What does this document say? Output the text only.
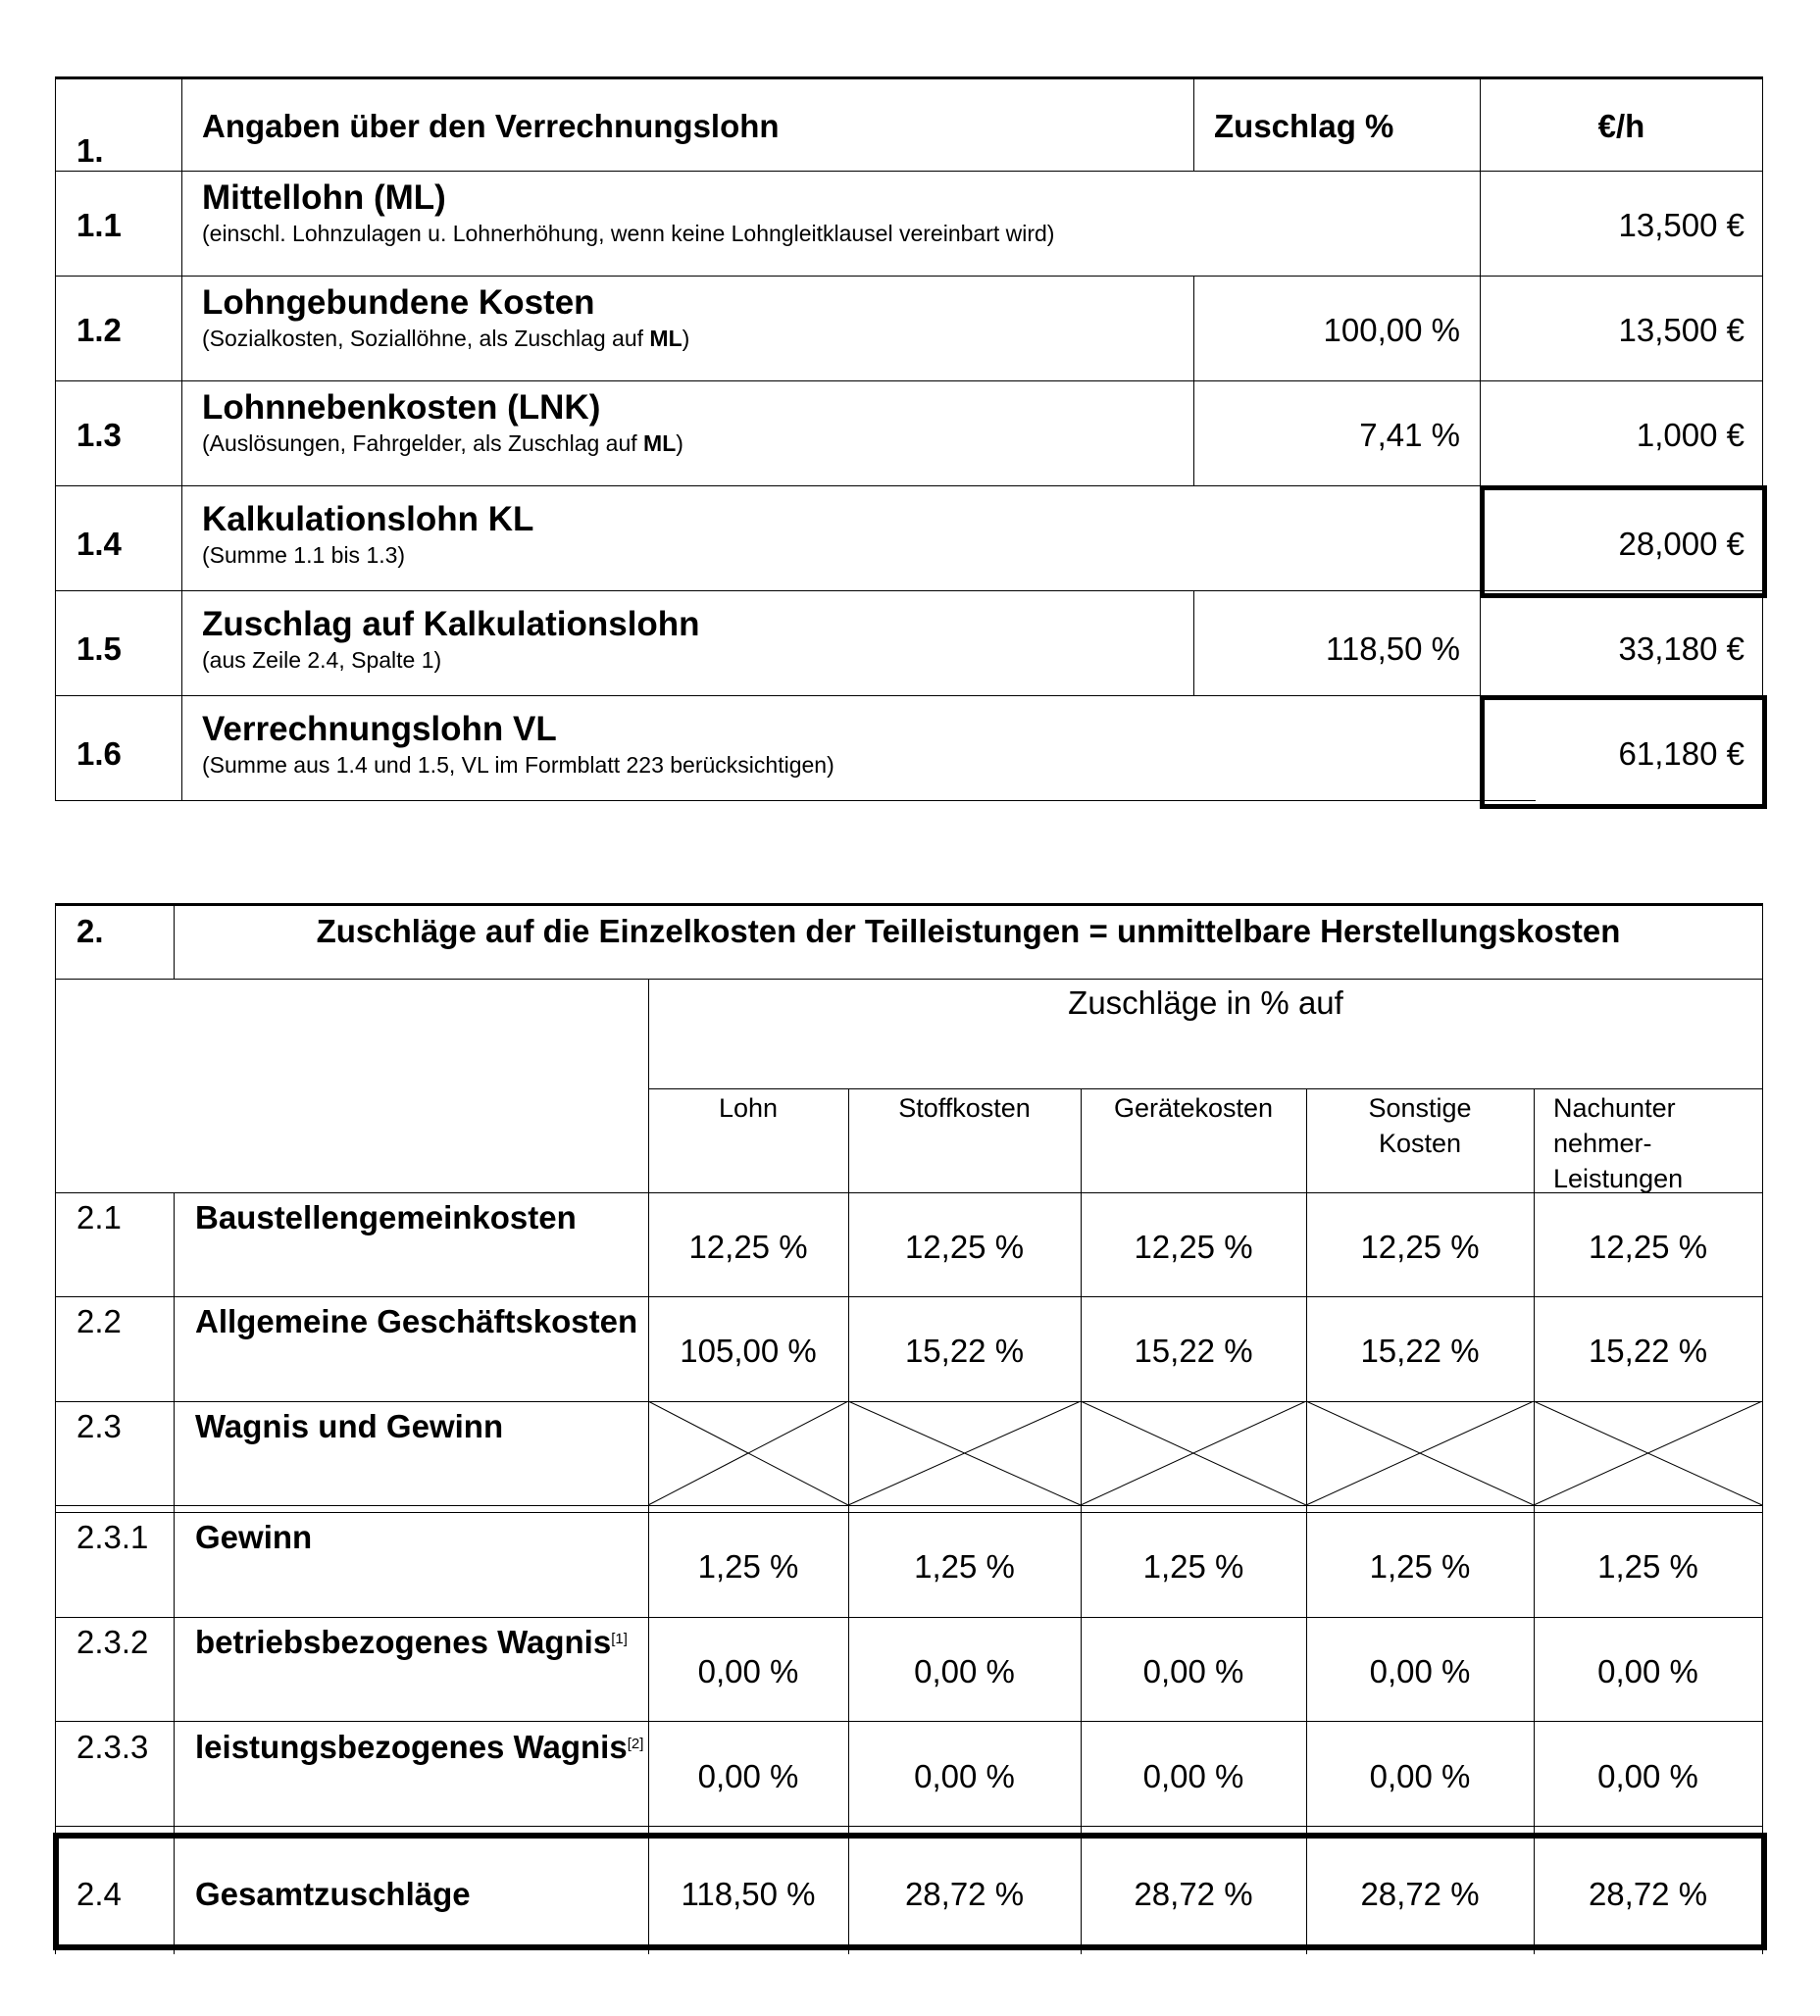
1.
Angaben über den Verrechnungslohn	Zuschlag %	€/h
1.1
Mittellohn (ML)
(einschl. Lohnzulagen u. Lohnerhöhung, wenn keine Lohngleitklausel vereinbart wird)	13,500 €
1.2
Lohngebundene Kosten
(Sozialkosten, Soziallöhne, als Zuschlag auf ML)	100,00 %	13,500 €
1.3
Lohnnebenkosten (LNK)
(Auslösungen, Fahrgelder, als Zuschlag auf ML)	7,41 %	1,000 €
1.4
Kalkulationslohn KL
(Summe 1.1 bis 1.3)	28,000 €
1.5
Zuschlag auf Kalkulationslohn
(aus Zeile 2.4, Spalte 1)	118,50 %	33,180 €
1.6
Verrechnungslohn VL
(Summe aus 1.4 und 1.5, VL im Formblatt 223 berücksichtigen)	61,180 €
2.	Zuschläge auf die Einzelkosten der Teilleistungen = unmittelbare Herstellungskosten
Zuschläge in % auf
Lohn	Stoffkosten	Gerätekosten	Sonstige Kosten
Nachunter nehmer- Leistungen
2.1 Baustellengemeinkosten
12,25 %	12,25 %	12,25 %	12,25 %	12,25 %
2.2 Allgemeine Geschäftskosten
105,00 %	15,22 %	15,22 %	15,22 %	15,22 %
2.3 Wagnis und Gewinn
2.3.1 Gewinn
1,25 %	1,25 %	1,25 %	1,25 %	1,25 %
2.3.2 betriebsbezogenes Wagnis[1]
0,00 %	0,00 %	0,00 %	0,00 %	0,00 %
2.3.3 leistungsbezogenes Wagnis[2]
0,00 %	0,00 %	0,00 %	0,00 %	0,00 %
2.4 Gesamtzuschläge	118,50 %	28,72 %	28,72 %	28,72 %	28,72 %
